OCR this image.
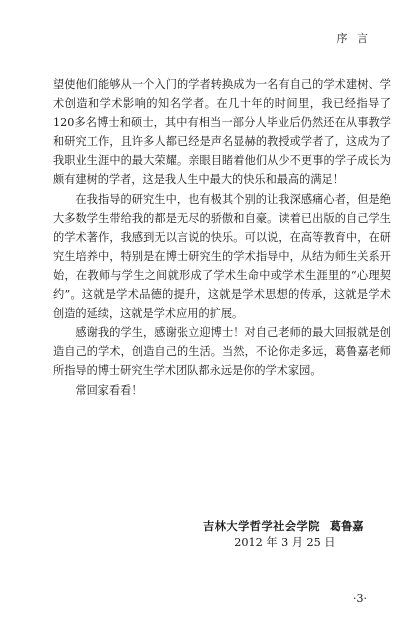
序 言

望使他们能够从一个入门的学者转换成为一名有自己的学术建树、学术创造和学术影响的知名学者。在几十年的时间里，我已经指导了120多名博士和硕士，其中有相当一部分人毕业后仍然还在从事教学和研究工作，且许多人都已经是声名显赫的教授或学者了，这成为了我职业生涯中的最大荣耀。亲眼目睹着他们从少不更事的学子成长为颇有建树的学者，这是我人生中最大的快乐和最高的满足！

在我指导的研究生中，也有极其个别的让我深感痛心者，但是绝大多数学生带给我的都是无尽的骄傲和自豪。读着已出版的自己学生的学术著作，我感到无以言说的快乐。可以说，在高等教育中，在研究生培养中，特别是在博士研究生的学术指导中，从结为师生关系开始，在教师与学生之间就形成了学术生命中或学术生涯里的“心理契约”。这就是学术品德的提升，这就是学术思想的传承，这就是学术创造的延续，这就是学术应用的扩展。

感谢我的学生，感谢张立迎博士！对自己老师的最大回报就是创造自己的学术，创造自己的生活。当然，不论你走多远，葛鲁嘉老师所指导的博士研究生学术团队都永远是你的学术家园。

常回家看看！

吉林大学哲学社会学院 葛鲁嘉
2012 年 3 月 25 日
·3·
